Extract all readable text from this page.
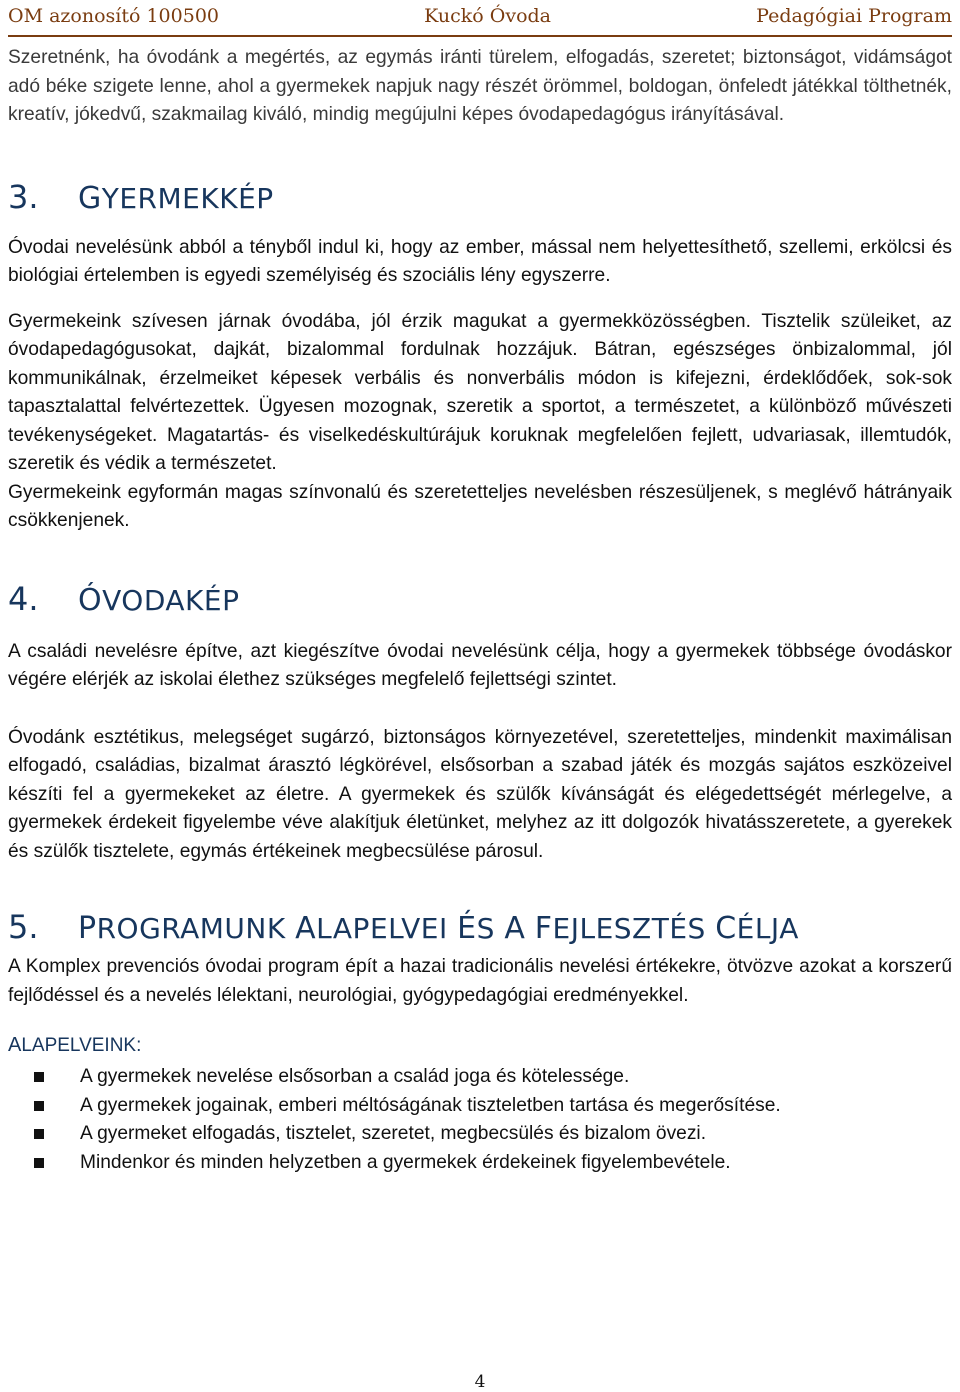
OM azonosító 100500	Kuckó Óvoda	Pedagógiai Program

Szeretnénk, ha óvodánk a megértés, az egymás iránti türelem, elfogadás, szeretet; biztonságot, vidámságot adó béke szigete lenne, ahol a gyermekek napjuk nagy részét örömmel, boldogan, önfeledt játékkal tölthetnék, kreatív, jókedvű, szakmailag kiváló, mindig megújulni képes óvodapedagógus irányításával.

3.	GYERMEKKÉP

Óvodai nevelésünk abból a tényből indul ki, hogy az ember, mással nem helyettesíthető, szellemi, erkölcsi és biológiai értelemben is egyedi személyiség és szociális lény egyszerre.

Gyermekeink szívesen járnak óvodába, jól érzik magukat a gyermekközösségben. Tisztelik szüleiket, az óvodapedagógusokat, dajkát, bizalommal fordulnak hozzájuk. Bátran, egészséges önbizalommal, jól kommunikálnak, érzelmeiket képesek verbális és nonverbális módon is kifejezni, érdeklődőek, sok-sok tapasztalattal felvértezettek. Ügyesen mozognak, szeretik a sportot, a természetet, a különböző művészeti tevékenységeket. Magatartás- és viselkedéskultúrájuk koruknak megfelelően fejlett, udvariasak, illemtudók, szeretik és védik a természetet.

Gyermekeink egyformán magas színvonalú és szeretetteljes nevelésben részesüljenek, s meglévő hátrányaik csökkenjenek.

4.	ÓVODAKÉP

A családi nevelésre építve, azt kiegészítve óvodai nevelésünk célja, hogy a gyermekek többsége óvodáskor végére elérjék az iskolai élethez szükséges megfelelő fejlettségi szintet.

Óvodánk esztétikus, melegséget sugárzó, biztonságos környezetével, szeretetteljes, mindenkit maximálisan elfogadó, családias, bizalmat árasztó légkörével, elsősorban a szabad játék és mozgás sajátos eszközeivel készíti fel a gyermekeket az életre. A gyermekek és szülők kívánságát és elégedettségét mérlegelve, a gyermekek érdekeit figyelembe véve alakítjuk életünket, melyhez az itt dolgozók hivatásszeretete, a gyerekek és szülők tisztelete, egymás értékeinek megbecsülése párosul.

5.	PROGRAMUNK ALAPELVEI ÉS A FEJLESZTÉS CÉLJA

A Komplex prevenciós óvodai program épít a hazai tradicionális nevelési értékekre, ötvözve azokat a korszerű fejlődéssel és a nevelés lélektani, neurológiai, gyógypedagógiai eredményekkel.

ALAPELVEINK:

A gyermekek nevelése elsősorban a család joga és kötelessége.
A gyermekek jogainak, emberi méltóságának tiszteletben tartása és megerősítése.
A gyermeket elfogadás, tisztelet, szeretet, megbecsülés és bizalom övezi.
Mindenkor és minden helyzetben a gyermekek érdekeinek figyelembevétele.
4
